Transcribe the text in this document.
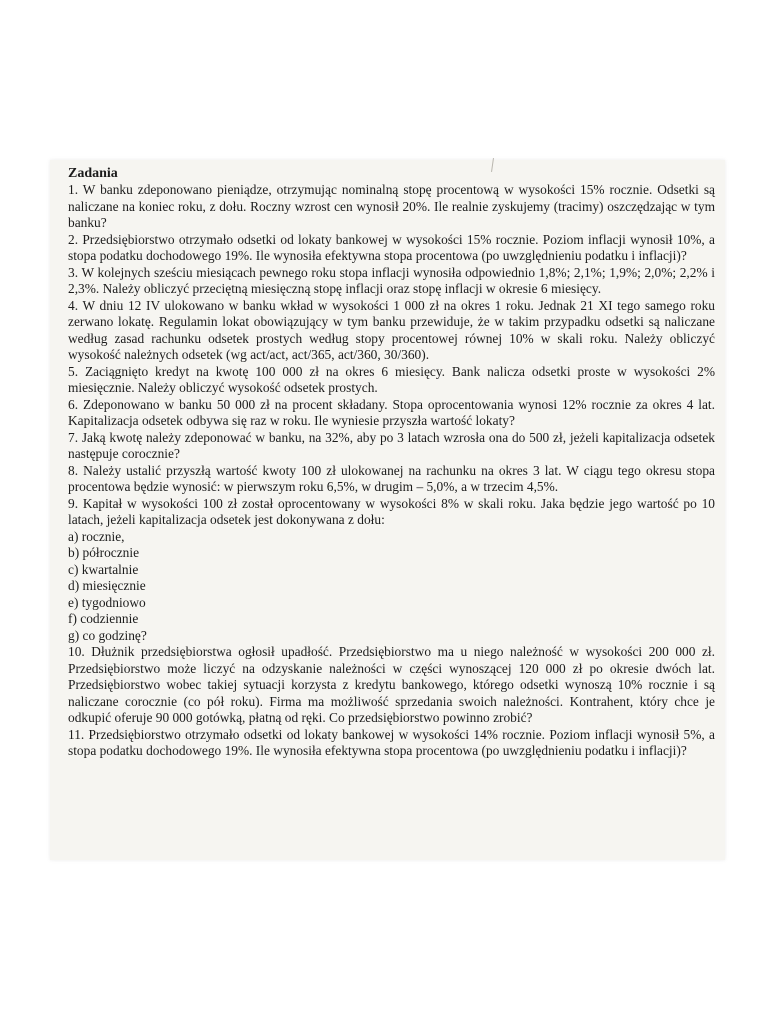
Zadania

1. W banku zdeponowano pieniądze, otrzymując nominalną stopę procentową w wysokości 15% rocznie. Odsetki są naliczane na koniec roku, z dołu. Roczny wzrost cen wynosił 20%. Ile realnie zyskujemy (tracimy) oszczędzając w tym banku?

2. Przedsiębiorstwo otrzymało odsetki od lokaty bankowej w wysokości 15% rocznie. Poziom inflacji wynosił 10%, a stopa podatku dochodowego 19%. Ile wynosiła efektywna stopa procentowa (po uwzględnieniu podatku i inflacji)?

3. W kolejnych sześciu miesiącach pewnego roku stopa inflacji wynosiła odpowiednio 1,8%; 2,1%; 1,9%; 2,0%; 2,2% i 2,3%. Należy obliczyć przeciętną miesięczną stopę inflacji oraz stopę inflacji w okresie 6 miesięcy.

4. W dniu 12 IV ulokowano w banku wkład w wysokości 1 000 zł na okres 1 roku. Jednak 21 XI tego samego roku zerwano lokatę. Regulamin lokat obowiązujący w tym banku przewiduje, że w takim przypadku odsetki są naliczane według zasad rachunku odsetek prostych według stopy procentowej równej 10% w skali roku. Należy obliczyć wysokość należnych odsetek (wg act/act, act/365, act/360, 30/360).

5. Zaciągnięto kredyt na kwotę 100 000 zł na okres 6 miesięcy. Bank nalicza odsetki proste w wysokości 2% miesięcznie. Należy obliczyć wysokość odsetek prostych.

6. Zdeponowano w banku 50 000 zł na procent składany. Stopa oprocentowania wynosi 12% rocznie za okres 4 lat. Kapitalizacja odsetek odbywa się raz w roku. Ile wyniesie przyszła wartość lokaty?

7. Jaką kwotę należy zdeponować w banku, na 32%, aby po 3 latach wzrosła ona do 500 zł, jeżeli kapitalizacja odsetek następuje corocznie?

8. Należy ustalić przyszłą wartość kwoty 100 zł ulokowanej na rachunku na okres 3 lat. W ciągu tego okresu stopa procentowa będzie wynosić: w pierwszym roku 6,5%, w drugim – 5,0%, a w trzecim 4,5%.

9. Kapitał w wysokości 100 zł został oprocentowany w wysokości 8% w skali roku. Jaka będzie jego wartość po 10 latach, jeżeli kapitalizacja odsetek jest dokonywana z dołu:

a) rocznie,

b) półrocznie

c) kwartalnie

d) miesięcznie

e) tygodniowo

f) codziennie

g) co godzinę?

10. Dłużnik przedsiębiorstwa ogłosił upadłość. Przedsiębiorstwo ma u niego należność w wysokości 200 000 zł. Przedsiębiorstwo może liczyć na odzyskanie należności w części wynoszącej 120 000 zł po okresie dwóch lat. Przedsiębiorstwo wobec takiej sytuacji korzysta z kredytu bankowego, którego odsetki wynoszą 10% rocznie i są naliczane corocznie (co pół roku). Firma ma możliwość sprzedania swoich należności. Kontrahent, który chce je odkupić oferuje 90 000 gotówką, płatną od ręki. Co przedsiębiorstwo powinno zrobić?

11. Przedsiębiorstwo otrzymało odsetki od lokaty bankowej w wysokości 14% rocznie. Poziom inflacji wynosił 5%, a stopa podatku dochodowego 19%. Ile wynosiła efektywna stopa procentowa (po uwzględnieniu podatku i inflacji)?
